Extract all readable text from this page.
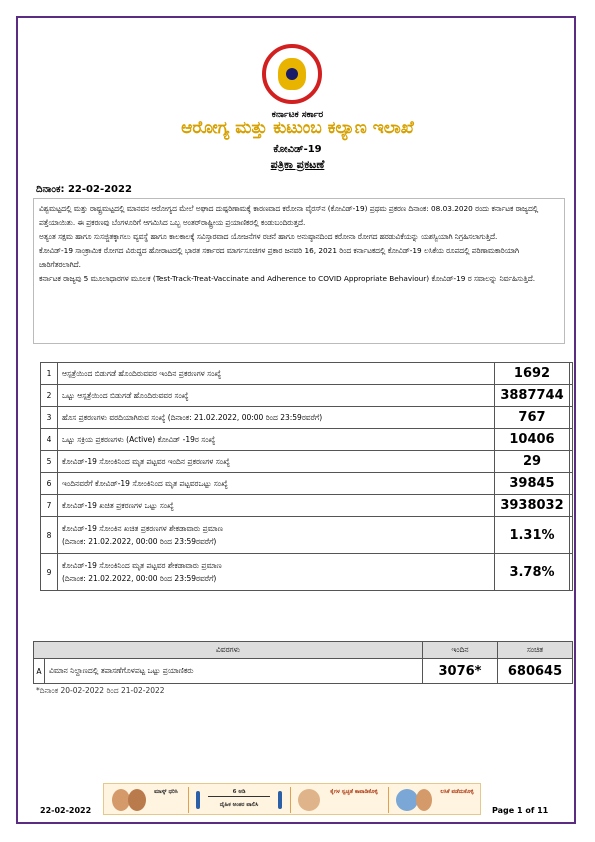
ಕರ್ನಾಟಕ ಸರ್ಕಾರ
ಆರೋಗ್ಯ ಮತ್ತು ಕುಟುಂಬ ಕಲ್ಯಾಣ ಇಲಾಖೆ
ಕೋವಿಡ್-19
ಪತ್ರಿಕಾ ಪ್ರಕಟಣೆ
ದಿನಾಂಕ: 22-02-2022

ವಿಶ್ವಮಟ್ಟದಲ್ಲಿ ಮತ್ತು ರಾಷ್ಟ್ರಮಟ್ಟದಲ್ಲಿ ಮಾನವನ ಆರೋಗ್ಯದ ಮೇಲೆ ಅಘಾದ ದುಷ್ಪರಿಣಾಮಕ್ಕೆ ಕಾರಣವಾದ ಕರೋನಾ ವೈರಸ್‌ನ (ಕೋವಿಡ್-19) ಪ್ರಥಮ ಪ್ರಕರಣ ದಿನಾಂಕ: 08.03.2020 ರಂದು ಕರ್ನಾಟಕ ರಾಜ್ಯದಲ್ಲಿ ಪತ್ತೆಯಾಯಿತು. ಈ ಪ್ರಕರಣವು ಬೆಂಗಳೂರಿಗೆ ಆಗಮಿಸಿದ ಒಬ್ಬ ಅಂತರ್‌ರಾಷ್ಟ್ರೀಯ ಪ್ರಯಾಣಿಕರಲ್ಲಿ ಕಂಡುಬಂದಿರುತ್ತದೆ.

ಅತ್ಯಂತ ಸಕ್ಷಮ ಹಾಗೂ ಸುಸಜ್ಜಿತಕ್ಕಾಗಲು ವ್ಯವಸ್ಥೆ ಹಾಗೂ ಕಾಲಕಾಲಕ್ಕೆ ಸವಿಸ್ತಾರವಾದ ಯೋಜನೆಗಳ ರಚನೆ ಹಾಗೂ ಅನುಷ್ಠಾನದಿಂದ ಕರೋನಾ ರೋಗದ ಹರಡುವಿಕೆಯನ್ನು ಯಶಸ್ವಿಯಾಗಿ ನಿಗ್ರಹಿಸಲಾಗುತ್ತಿದೆ.

ಕೋವಿಡ್-19 ಸಾಂಕ್ರಾಮಿಕ ರೋಗದ ವಿರುದ್ಧದ ಹೋರಾಟದಲ್ಲಿ ಭಾರತ ಸರ್ಕಾರದ ಮಾರ್ಗಸೂಚಿಗಳ ಪ್ರಕಾರ ಜನವರಿ 16, 2021 ರಿಂದ ಕರ್ನಾಟಕದಲ್ಲಿ ಕೋವಿಡ್-19 ಲಸಿಕೆಯ ರೂಪದಲ್ಲಿ ಪರಿಣಾಮಕಾರಿಯಾಗಿ ಜಾರಿಗೆತರಲಾಗಿದೆ.

ಕರ್ನಾಟಕ ರಾಜ್ಯವು 5 ಮೂಲಾಧಾರಗಳ ಮೂಲಕ (Test-Track-Treat-Vaccinate and Adherence to COVID Appropriate Behaviour) ಕೋವಿಡ್-19 ರ ಸವಾಲನ್ನು ನಿರ್ವಹಿಸುತ್ತಿದೆ.

1	ಆಸ್ಪತ್ರೆಯಿಂದ ಬಿಡುಗಡೆ ಹೊಂದಿರುವವರ ಇಂದಿನ ಪ್ರಕರಣಗಳ ಸಂಖ್ಯೆ	1692	
2	ಒಟ್ಟು ಆಸ್ಪತ್ರೆಯಿಂದ ಬಿಡುಗಡೆ ಹೊಂದಿರುವವರ ಸಂಖ್ಯೆ	3887744	
3	ಹೊಸ ಪ್ರಕರಣಗಳು ವರದಿಯಾಗಿರುವ ಸಂಖ್ಯೆ (ದಿನಾಂಕ: 21.02.2022, 00:00 ರಿಂದ 23:59ರವರೆಗೆ)	767	
4	ಒಟ್ಟು ಸಕ್ರಿಯ ಪ್ರಕರಣಗಳು (Active) ಕೋವಿಡ್ -19ರ ಸಂಖ್ಯೆ	10406	
5	ಕೋವಿಡ್-19 ಸೋಂಕಿನಿಂದ ಮೃತ ಪಟ್ಟವರ ಇಂದಿನ ಪ್ರಕರಣಗಳ ಸಂಖ್ಯೆ	29	
6	ಇಂದಿನವರೆಗೆ ಕೋವಿಡ್-19 ಸೋಂಕಿನಿಂದ ಮೃತ ಪಟ್ಟವರಒಟ್ಟು ಸಂಖ್ಯೆ	39845	
7	ಕೋವಿಡ್-19 ಖಚಿತ ಪ್ರಕರಣಗಳ ಒಟ್ಟು ಸಂಖ್ಯೆ	3938032	
8	ಕೋವಿಡ್-19 ಸೋಂಕಿನ ಖಚಿತ ಪ್ರಕರಣಗಳ ಶೇಕಡಾವಾರು ಪ್ರಮಾಣ
(ದಿನಾಂಕ: 21.02.2022, 00:00 ರಿಂದ 23:59ರವರೆಗೆ)	1.31%	
9	ಕೋವಿಡ್-19 ಸೋಂಕಿನಿಂದ ಮೃತ ಪಟ್ಟವರ ಶೇಕಡಾವಾರು ಪ್ರಮಾಣ
(ದಿನಾಂಕ: 21.02.2022, 00:00 ರಿಂದ 23:59ರವರೆಗೆ)	3.78%	
ವಿವರಗಳು		ಇಂದಿನ	ಸಂಚಿತ
A	ವಿಮಾನ ನಿಲ್ದಾಣದಲ್ಲಿ ತಪಾಸಣೆಗೊಳಪಟ್ಟ ಒಟ್ಟು ಪ್ರಯಾಣಿಕರು	3076*	680645
*ದಿನಾಂಕ 20-02-2022 ರಿಂದ 21-02-2022
ಮಾಸ್ಕ್ ಧರಿಸಿ	6 ಅಡಿ
ದೈಹಿಕ ಅಂತರ ಪಾಲಿಸಿ
ಕೈಗಳ ಸ್ವಚ್ಛತೆ ಕಾಪಾಡಿಕೊಳ್ಳಿ	ಲಸಿಕೆ ಪಡೆದುಕೊಳ್ಳಿ
22-02-2022	Page 1 of 11
